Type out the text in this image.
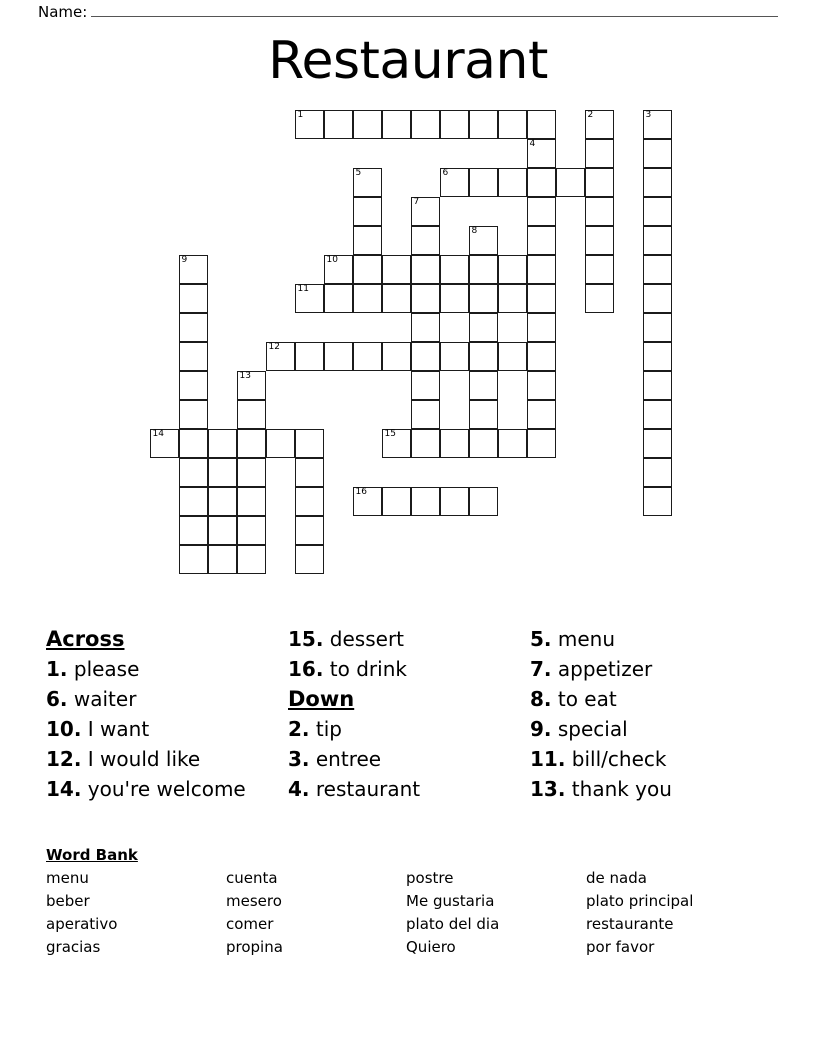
Name:
Restaurant
1	2	3
4
5	6
7
8
9	10
11
12
13
14	15
16
Across
1. please
6. waiter
10. I want
12. I would like
14. you're welcome
15. dessert
16. to drink
Down
2. tip
3. entree
4. restaurant
5. menu
7. appetizer
8. to eat
9. special
11. bill/check
13. thank you
Word Bank
menu
beber
aperativo
gracias
cuenta
mesero
comer
propina
postre
Me gustaria
plato del dia
Quiero
de nada
plato principal
restaurante
por favor
